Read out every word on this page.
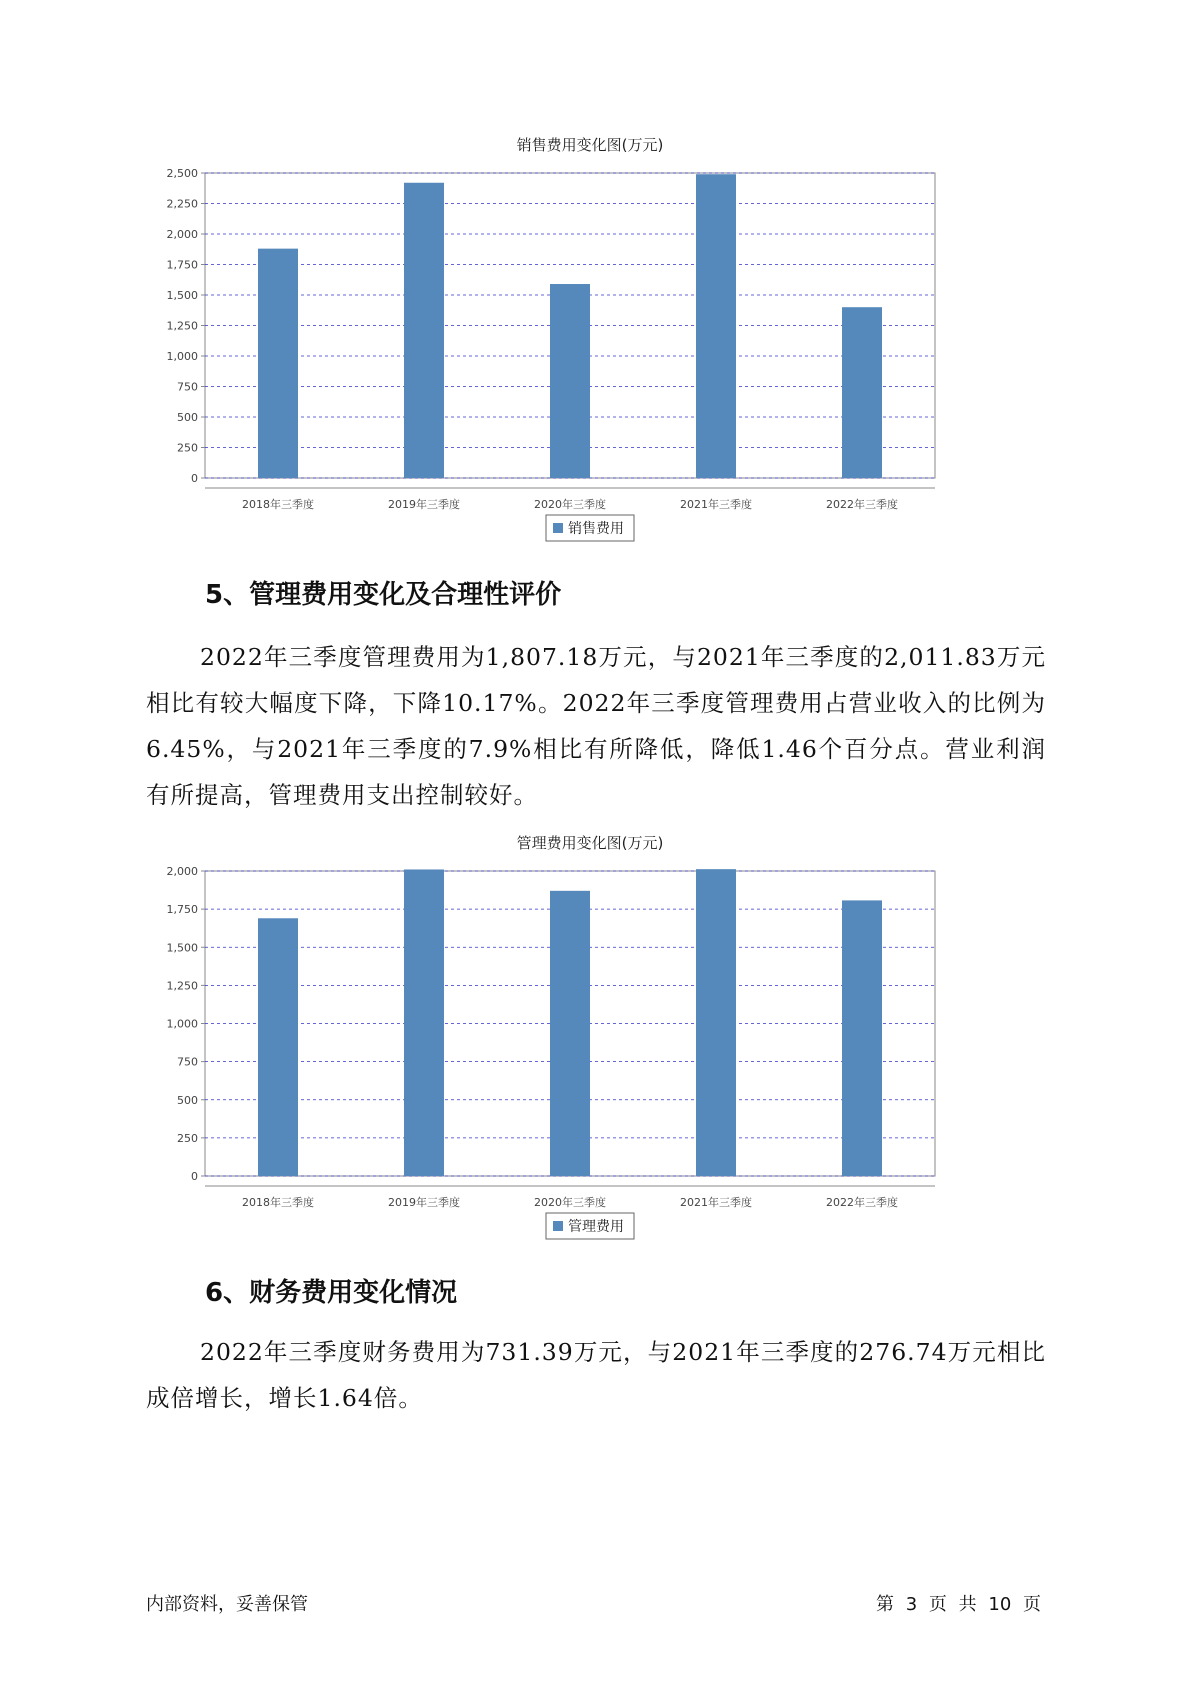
销售费用变化图(万元)
0
250
500
750
1,000
1,250
1,500
1,750
2,000
2,250
2,500
2018年三季度	2019年三季度	2020年三季度	2021年三季度	2022年三季度
销售费用
5、管理费用变化及合理性评价

2022年三季度管理费用为1,807.18万元，与2021年三季度的2,011.83万元相比有较大幅度下降，下降10.17%。2022年三季度管理费用占营业收入的比例为6.45%，与2021年三季度的7.9%相比有所降低，降低1.46个百分点。营业利润有所提高，管理费用支出控制较好。

管理费用变化图(万元)
0
250
500
750
1,000
1,250
1,500
1,750
2,000
2018年三季度	2019年三季度	2020年三季度	2021年三季度	2022年三季度
管理费用
6、财务费用变化情况

2022年三季度财务费用为731.39万元，与2021年三季度的276.74万元相比成倍增长，增长1.64倍。

内部资料，妥善保管	第 3 页 共 10 页
